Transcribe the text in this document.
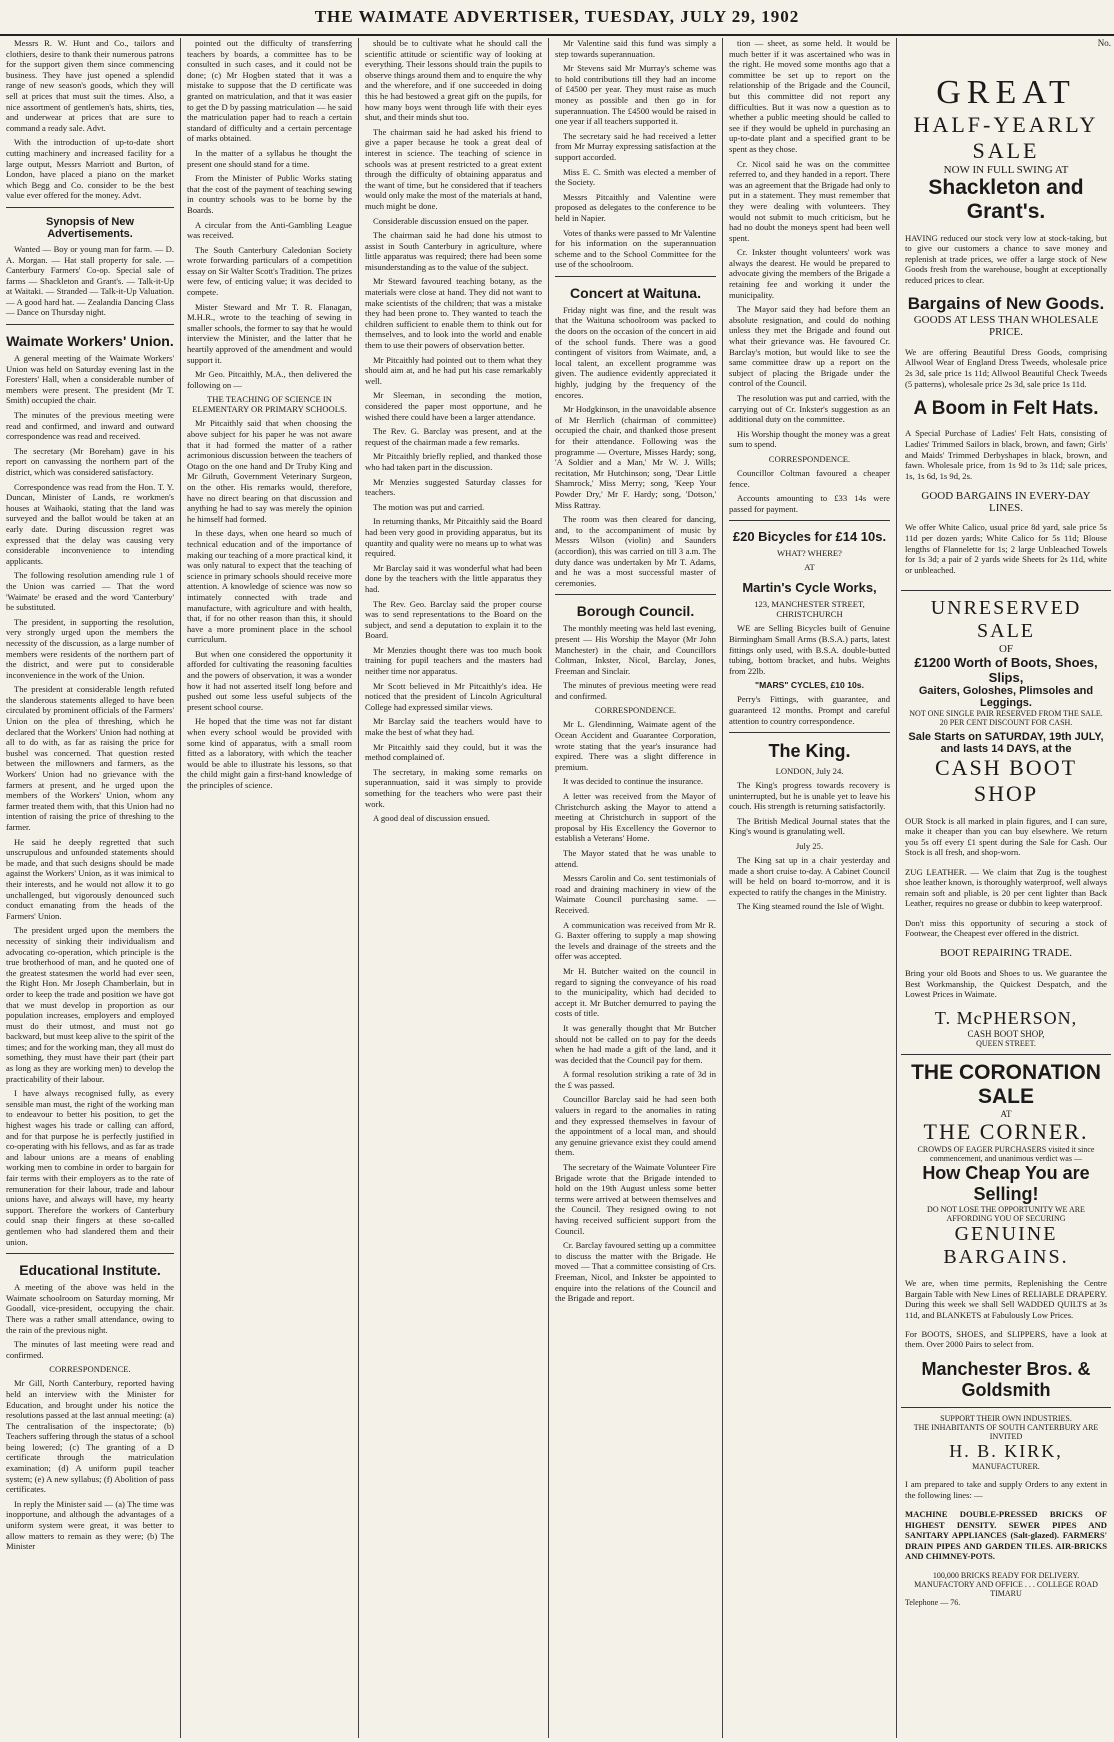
THE WAIMATE ADVERTISER, TUESDAY, JULY 29, 1902

Messrs R. W. Hunt and Co., tailors and clothiers, desire to thank their numerous patrons for the support given them since commencing business. They have just opened a splendid range of new season's goods, which they will sell at prices that must suit the times. Also, a nice assortment of gentlemen's hats, shirts, ties, and underwear at prices that are sure to command a ready sale. Advt.

With the introduction of up-to-date short cutting machinery and increased facility for a large output, Messrs Marriott and Burton, of London, have placed a piano on the market which Begg and Co. consider to be the best value ever offered for the money. Advt.

Synopsis of New Advertisements.

Wanted — Boy or young man for farm. — D. A. Morgan. — Hat stall property for sale. — Canterbury Farmers' Co-op. Special sale of farms — Shackleton and Grant's. — Talk-it-Up at Waitaki. — Stranded — Talk-it-Up Valuation. — A good hard hat. — Zealandia Dancing Class — Dance on Thursday night.

Waimate Workers' Union.

A general meeting of the Waimate Workers' Union was held on Saturday evening last in the Foresters' Hall, when a considerable number of members were present. The president (Mr T. Smith) occupied the chair.

The minutes of the previous meeting were read and confirmed, and inward and outward correspondence was read and received.

The secretary (Mr Boreham) gave in his report on canvassing the northern part of the district, which was considered satisfactory.

Correspondence was read from the Hon. T. Y. Duncan, Minister of Lands, re workmen's houses at Waihaoki, stating that the land was surveyed and the ballot would be taken at an early date. During discussion regret was expressed that the delay was causing very considerable inconvenience to intending applicants.

The following resolution amending rule 1 of the Union was carried — That the word 'Waimate' be erased and the word 'Canterbury' be substituted.

The president, in supporting the resolution, very strongly urged upon the members the necessity of the discussion, as a large number of members were residents of the northern part of the district, and were put to considerable inconvenience in the work of the Union.

The president at considerable length refuted the slanderous statements alleged to have been circulated by prominent officials of the Farmers' Union on the plea of threshing, which he declared that the Workers' Union had nothing at all to do with, as far as raising the price for bushel was concerned. That question rested between the millowners and farmers, as the Workers' Union had no grievance with the farmers at present, and he urged upon the members of the Workers' Union, whom any farmer treated them with, that this Union had no intention of raising the price of threshing to the farmer.

He said he deeply regretted that such unscrupulous and unfounded statements should be made, and that such designs should be made against the Workers' Union, as it was inimical to their interests, and he would not allow it to go unchallenged, but vigorously denounced such conduct emanating from the heads of the Farmers' Union.

The president urged upon the members the necessity of sinking their individualism and advocating co-operation, which principle is the true brotherhood of man, and he quoted one of the greatest statesmen the world had ever seen, the Right Hon. Mr Joseph Chamberlain, but in order to keep the trade and position we have got that we must develop in proportion as our population increases, employers and employed must do their utmost, and must not go backward, but must keep alive to the spirit of the times; and for the working man, they all must do something, they must have their part (their part as long as they are working men) to develop the practicability of their labour.

I have always recognised fully, as every sensible man must, the right of the working man to endeavour to better his position, to get the highest wages his trade or calling can afford, and for that purpose he is perfectly justified in co-operating with his fellows, and as far as trade and labour unions are a means of enabling working men to combine in order to bargain for fair terms with their employers as to the rate of remuneration for their labour, trade and labour unions have, and always will have, my hearty support. Therefore the workers of Canterbury could snap their fingers at these so-called gentlemen who had slandered them and their union.

Educational Institute.

A meeting of the above was held in the Waimate schoolroom on Saturday morning, Mr Goodall, vice-president, occupying the chair. There was a rather small attendance, owing to the rain of the previous night.

The minutes of last meeting were read and confirmed.

CORRESPONDENCE.

Mr Gill, North Canterbury, reported having held an interview with the Minister for Education, and brought under his notice the resolutions passed at the last annual meeting: (a) The centralisation of the inspectorate; (b) Teachers suffering through the status of a school being lowered; (c) The granting of a D certificate through the matriculation examination; (d) A uniform pupil teacher system; (e) A new syllabus; (f) Abolition of pass certificates.

In reply the Minister said — (a) The time was inopportune, and although the advantages of a uniform system were great, it was better to allow matters to remain as they were; (b) The Minister

pointed out the difficulty of transferring teachers by boards, a committee has to be consulted in such cases, and it could not be done; (c) Mr Hogben stated that it was a mistake to suppose that the D certificate was granted on matriculation, and that it was easier to get the D by passing matriculation — he said the matriculation paper had to reach a certain standard of difficulty and a certain percentage of marks obtained.

In the matter of a syllabus he thought the present one should stand for a time.

From the Minister of Public Works stating that the cost of the payment of teaching sewing in country schools was to be borne by the Boards.

A circular from the Anti-Gambling League was received.

The South Canterbury Caledonian Society wrote forwarding particulars of a competition essay on Sir Walter Scott's Tradition. The prizes were few, of enticing value; it was decided to compete.

Mister Steward and Mr T. R. Flanagan, M.H.R., wrote to the teaching of sewing in smaller schools, the former to say that he would interview the Minister, and the latter that he heartily approved of the amendment and would support it.

Mr Geo. Pitcaithly, M.A., then delivered the following on —

THE TEACHING OF SCIENCE IN ELEMENTARY OR PRIMARY SCHOOLS.

Mr Pitcaithly said that when choosing the above subject for his paper he was not aware that it had formed the matter of a rather acrimonious discussion between the teachers of Otago on the one hand and Dr Truby King and Mr Gilruth, Government Veterinary Surgeon, on the other. His remarks would, therefore, have no direct bearing on that discussion and anything he had to say was merely the opinion he himself had formed.

In these days, when one heard so much of technical education and of the importance of making our teaching of a more practical kind, it was only natural to expect that the teaching of science in primary schools should receive more attention. A knowledge of science was now so intimately connected with trade and manufacture, with agriculture and with health, that, if for no other reason than this, it should have a more prominent place in the school curriculum.

But when one considered the opportunity it afforded for cultivating the reasoning faculties and the powers of observation, it was a wonder how it had not asserted itself long before and pushed out some less useful subjects of the present school course.

He hoped that the time was not far distant when every school would be provided with some kind of apparatus, with a small room fitted as a laboratory, with which the teacher would be able to illustrate his lessons, so that the child might gain a first-hand knowledge of the principles of science.

should be to cultivate what he should call the scientific attitude or scientific way of looking at everything. Their lessons should train the pupils to observe things around them and to enquire the why and the wherefore, and if one succeeded in doing this he had bestowed a great gift on the pupils, for how many boys went through life with their eyes shut, and their minds shut too.

The chairman said he had asked his friend to give a paper because he took a great deal of interest in science. The teaching of science in schools was at present restricted to a great extent through the difficulty of obtaining apparatus and the want of time, but he considered that if teachers would only make the most of the materials at hand, much might be done.

Considerable discussion ensued on the paper.

The chairman said he had done his utmost to assist in South Canterbury in agriculture, where little apparatus was required; there had been some misunderstanding as to the value of the subject.

Mr Steward favoured teaching botany, as the materials were close at hand. They did not want to make scientists of the children; that was a mistake they had been prone to. They wanted to teach the children sufficient to enable them to think out for themselves, and to look into the world and enable them to use their powers of observation better.

Mr Pitcaithly had pointed out to them what they should aim at, and he had put his case remarkably well.

Mr Sleeman, in seconding the motion, considered the paper most opportune, and he wished there could have been a larger attendance.

The Rev. G. Barclay was present, and at the request of the chairman made a few remarks.

Mr Pitcaithly briefly replied, and thanked those who had taken part in the discussion.

Mr Menzies suggested Saturday classes for teachers.

The motion was put and carried.

In returning thanks, Mr Pitcaithly said the Board had been very good in providing apparatus, but its quantity and quality were no means up to what was required.

Mr Barclay said it was wonderful what had been done by the teachers with the little apparatus they had.

The Rev. Geo. Barclay said the proper course was to send representations to the Board on the subject, and send a deputation to explain it to the Board.

Mr Menzies thought there was too much book training for pupil teachers and the masters had neither time nor apparatus.

Mr Scott believed in Mr Pitcaithly's idea. He noticed that the president of Lincoln Agricultural College had expressed similar views.

Mr Barclay said the teachers would have to make the best of what they had.

Mr Pitcaithly said they could, but it was the method complained of.

The secretary, in making some remarks on superannuation, said it was simply to provide something for the teachers who were past their work.

A good deal of discussion ensued.

Mr Valentine said this fund was simply a step towards superannuation.

Mr Stevens said Mr Murray's scheme was to hold contributions till they had an income of £4500 per year. They must raise as much money as possible and then go in for superannuation. The £4500 would be raised in one year if all teachers supported it.

The secretary said he had received a letter from Mr Murray expressing satisfaction at the support accorded.

Miss E. C. Smith was elected a member of the Society.

Messrs Pitcaithly and Valentine were proposed as delegates to the conference to be held in Napier.

Votes of thanks were passed to Mr Valentine for his information on the superannuation scheme and to the School Committee for the use of the schoolroom.

Concert at Waituna.

Friday night was fine, and the result was that the Waituna schoolroom was packed to the doors on the occasion of the concert in aid of the school funds. There was a good contingent of visitors from Waimate, and, a local talent, an excellent programme was given. The audience evidently appreciated it highly, judging by the frequency of the encores.

Mr Hodgkinson, in the unavoidable absence of Mr Herrlich (chairman of committee) occupied the chair, and thanked those present for their attendance. Following was the programme — Overture, Misses Hardy; song, 'A Soldier and a Man,' Mr W. J. Wills; recitation, Mr Hutchinson; song, 'Dear Little Shamrock,' Miss Merry; song, 'Keep Your Powder Dry,' Mr F. Hardy; song, 'Dotson,' Miss Rattray.

The room was then cleared for dancing, and, to the accompaniment of music by Messrs Wilson (violin) and Saunders (accordion), this was carried on till 3 a.m. The duty dance was undertaken by Mr T. Adams, and he was a most successful master of ceremonies.

Borough Council.

The monthly meeting was held last evening, present — His Worship the Mayor (Mr John Manchester) in the chair, and Councillors Coltman, Inkster, Nicol, Barclay, Jones, Freeman and Sinclair.

The minutes of previous meeting were read and confirmed.

CORRESPONDENCE.

Mr L. Glendinning, Waimate agent of the Ocean Accident and Guarantee Corporation, wrote stating that the year's insurance had expired. There was a slight difference in premium.

It was decided to continue the insurance.

A letter was received from the Mayor of Christchurch asking the Mayor to attend a meeting at Christchurch in support of the proposal by His Excellency the Governor to establish a Veterans' Home.

The Mayor stated that he was unable to attend.

Messrs Carolin and Co. sent testimonials of road and draining machinery in view of the Waimate Council purchasing same. — Received.

A communication was received from Mr R. G. Baxter offering to supply a map showing the levels and drainage of the streets and the offer was accepted.

Mr H. Butcher waited on the council in regard to signing the conveyance of his road to the municipality, which had decided to accept it. Mr Butcher demurred to paying the costs of title.

It was generally thought that Mr Butcher should not be called on to pay for the deeds when he had made a gift of the land, and it was decided that the Council pay for them.

A formal resolution striking a rate of 3d in the £ was passed.

Councillor Barclay said he had seen both valuers in regard to the anomalies in rating and they expressed themselves in favour of the appointment of a local man, and should any genuine grievance exist they could amend them.

The secretary of the Waimate Volunteer Fire Brigade wrote that the Brigade intended to hold on the 19th August unless some better terms were arrived at between themselves and the Council. They resigned owing to not having received sufficient support from the Council.

Cr. Barclay favoured setting up a committee to discuss the matter with the Brigade. He moved — That a committee consisting of Crs. Freeman, Nicol, and Inkster be appointed to enquire into the relations of the Council and the Brigade and report.

tion — sheet, as some held. It would be much better if it was ascertained who was in the right. He moved some months ago that a committee be set up to report on the relationship of the Brigade and the Council, but this committee did not report any difficulties. But it was now a question as to whether a public meeting should be called to see if they would be upheld in purchasing an up-to-date plant and a specified grant to be spent as they chose.

Cr. Nicol said he was on the committee referred to, and they handed in a report. There was an agreement that the Brigade had only to put in a statement. They must remember that they were dealing with volunteers. They would not submit to much criticism, but he had no doubt the moneys spent had been well spent.

Cr. Inkster thought volunteers' work was always the dearest. He would be prepared to advocate giving the members of the Brigade a retaining fee and working it under the municipality.

The Mayor said they had before them an absolute resignation, and could do nothing unless they met the Brigade and found out what their grievance was. He favoured Cr. Barclay's motion, but would like to see the same committee draw up a report on the subject of placing the Brigade under the control of the Council.

The resolution was put and carried, with the carrying out of Cr. Inkster's suggestion as an additional duty on the committee.

His Worship thought the money was a great sum to spend.

CORRESPONDENCE.

Councillor Coltman favoured a cheaper fence.

Accounts amounting to £33 14s were passed for payment.

£20 Bicycles for £14 10s.
WHAT? WHERE?
AT
Martin's Cycle Works,
123, MANCHESTER STREET, CHRISTCHURCH

WE are Selling Bicycles built of Genuine Birmingham Small Arms (B.S.A.) parts, latest fittings only used, with B.S.A. double-butted tubing, bottom bracket, and hubs. Weights from 22lb.

"MARS" CYCLES, £10 10s.

Perry's Fittings, with guarantee, and guaranteed 12 months. Prompt and careful attention to country correspondence.

The King.
LONDON, July 24.

The King's progress towards recovery is uninterrupted, but he is unable yet to leave his couch. His strength is returning satisfactorily.

The British Medical Journal states that the King's wound is granulating well.

July 25.

The King sat up in a chair yesterday and made a short cruise to-day. A Cabinet Council will be held on board to-morrow, and it is expected to ratify the changes in the Ministry.

The King steamed round the Isle of Wight.

No.
GREAT
HALF-YEARLY SALE
NOW IN FULL SWING AT
Shackleton and Grant's.

HAVING reduced our stock very low at stock-taking, but to give our customers a chance to save money and replenish at trade prices, we offer a large stock of New Goods fresh from the warehouse, bought at exceptionally reduced prices to clear.

Bargains of New Goods.
GOODS AT LESS THAN WHOLESALE PRICE.

We are offering Beautiful Dress Goods, comprising Allwool Wear of England Dress Tweeds, wholesale price 2s 3d, sale price 1s 11d; Allwool Beautiful Check Tweeds (5 patterns), wholesale price 2s 3d, sale price 1s 11d.

A Boom in Felt Hats.

A Special Purchase of Ladies' Felt Hats, consisting of Ladies' Trimmed Sailors in black, brown, and fawn; Girls' and Maids' Trimmed Derbyshapes in black, brown, and fawn. Wholesale price, from 1s 9d to 3s 11d; sale prices, 1s, 1s 6d, 1s 9d, 2s.

GOOD BARGAINS IN EVERY-DAY LINES.

We offer White Calico, usual price 8d yard, sale price 5s 11d per dozen yards; White Calico for 5s 11d; Blouse lengths of Flannelette for 1s; 2 large Unbleached Towels for 1s 3d; a pair of 2 yards wide Sheets for 2s 11d, white or unbleached.

UNRESERVED SALE
OF
£1200 Worth of Boots, Shoes, Slips,
Gaiters, Goloshes, Plimsoles and Leggings.
NOT ONE SINGLE PAIR RESERVED FROM THE SALE. 20 PER CENT DISCOUNT FOR CASH.
Sale Starts on SATURDAY, 19th JULY, and lasts 14 DAYS, at the
CASH BOOT SHOP

OUR Stock is all marked in plain figures, and I can sure, make it cheaper than you can buy elsewhere. We return you 5s off every £1 spent during the Sale for Cash. Our Stock is all fresh, and shop-worn.

ZUG LEATHER. — We claim that Zug is the toughest shoe leather known, is thoroughly waterproof, well always remain soft and pliable, is 20 per cent lighter than Back Leather, requires no grease or dubbin to keep waterproof.

Don't miss this opportunity of securing a stock of Footwear, the Cheapest ever offered in the district.

BOOT REPAIRING TRADE.

Bring your old Boots and Shoes to us. We guarantee the Best Workmanship, the Quickest Despatch, and the Lowest Prices in Waimate.

T. McPHERSON,
CASH BOOT SHOP,
QUEEN STREET.
THE CORONATION SALE
AT
THE CORNER.
CROWDS OF EAGER PURCHASERS visited it since commencement, and unanimous verdict was —
How Cheap You are Selling!
DO NOT LOSE THE OPPORTUNITY WE ARE AFFORDING YOU OF SECURING
GENUINE BARGAINS.

We are, when time permits, Replenishing the Centre Bargain Table with New Lines of RELIABLE DRAPERY. During this week we shall Sell WADDED QUILTS at 3s 11d, and BLANKETS at Fabulously Low Prices.

For BOOTS, SHOES, and SLIPPERS, have a look at them. Over 2000 Pairs to select from.

Manchester Bros. & Goldsmith
SUPPORT THEIR OWN INDUSTRIES.
THE INHABITANTS OF SOUTH CANTERBURY ARE INVITED
H. B. KIRK,
MANUFACTURER.

I am prepared to take and supply Orders to any extent in the following lines: —

MACHINE DOUBLE-PRESSED BRICKS OF HIGHEST DENSITY. SEWER PIPES AND SANITARY APPLIANCES (Salt-glazed). FARMERS' DRAIN PIPES AND GARDEN TILES. AIR-BRICKS AND CHIMNEY-POTS.

100,000 BRICKS READY FOR DELIVERY.
MANUFACTORY AND OFFICE . . . COLLEGE ROAD TIMARU
Telephone — 76.
